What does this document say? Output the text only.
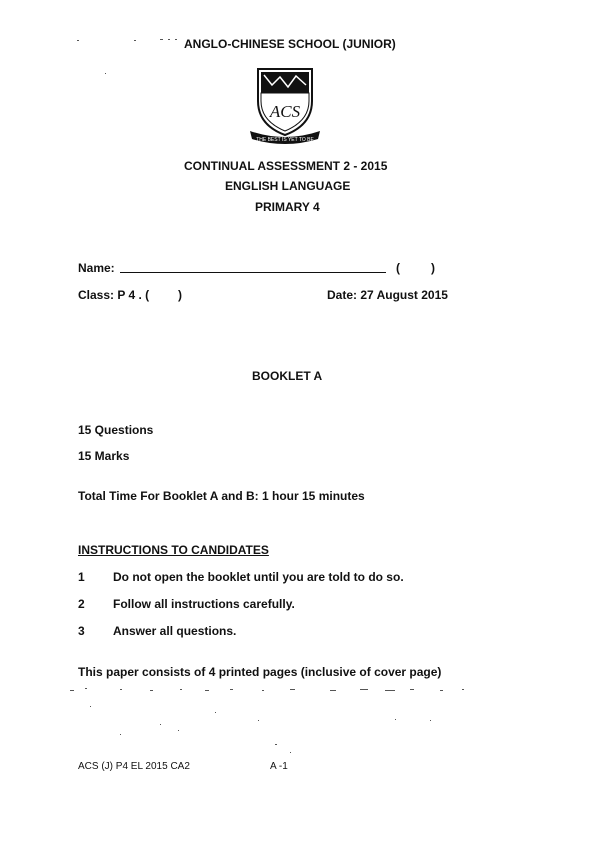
ANGLO-CHINESE SCHOOL (JUNIOR)
ACS
THE BEST IS YET TO BE
CONTINUAL ASSESSMENT 2 - 2015
ENGLISH LANGUAGE
PRIMARY 4
Name:	(	)
Class: P 4 . ( )	Date: 27 August 2015
BOOKLET A
15 Questions
15 Marks
Total Time For Booklet A and B: 1 hour 15 minutes
INSTRUCTIONS TO CANDIDATES
1 Do not open the booklet until you are told to do so.
2 Follow all instructions carefully.
3 Answer all questions.
This paper consists of 4 printed pages (inclusive of cover page)
ACS (J) P4 EL 2015 CA2	A -1
